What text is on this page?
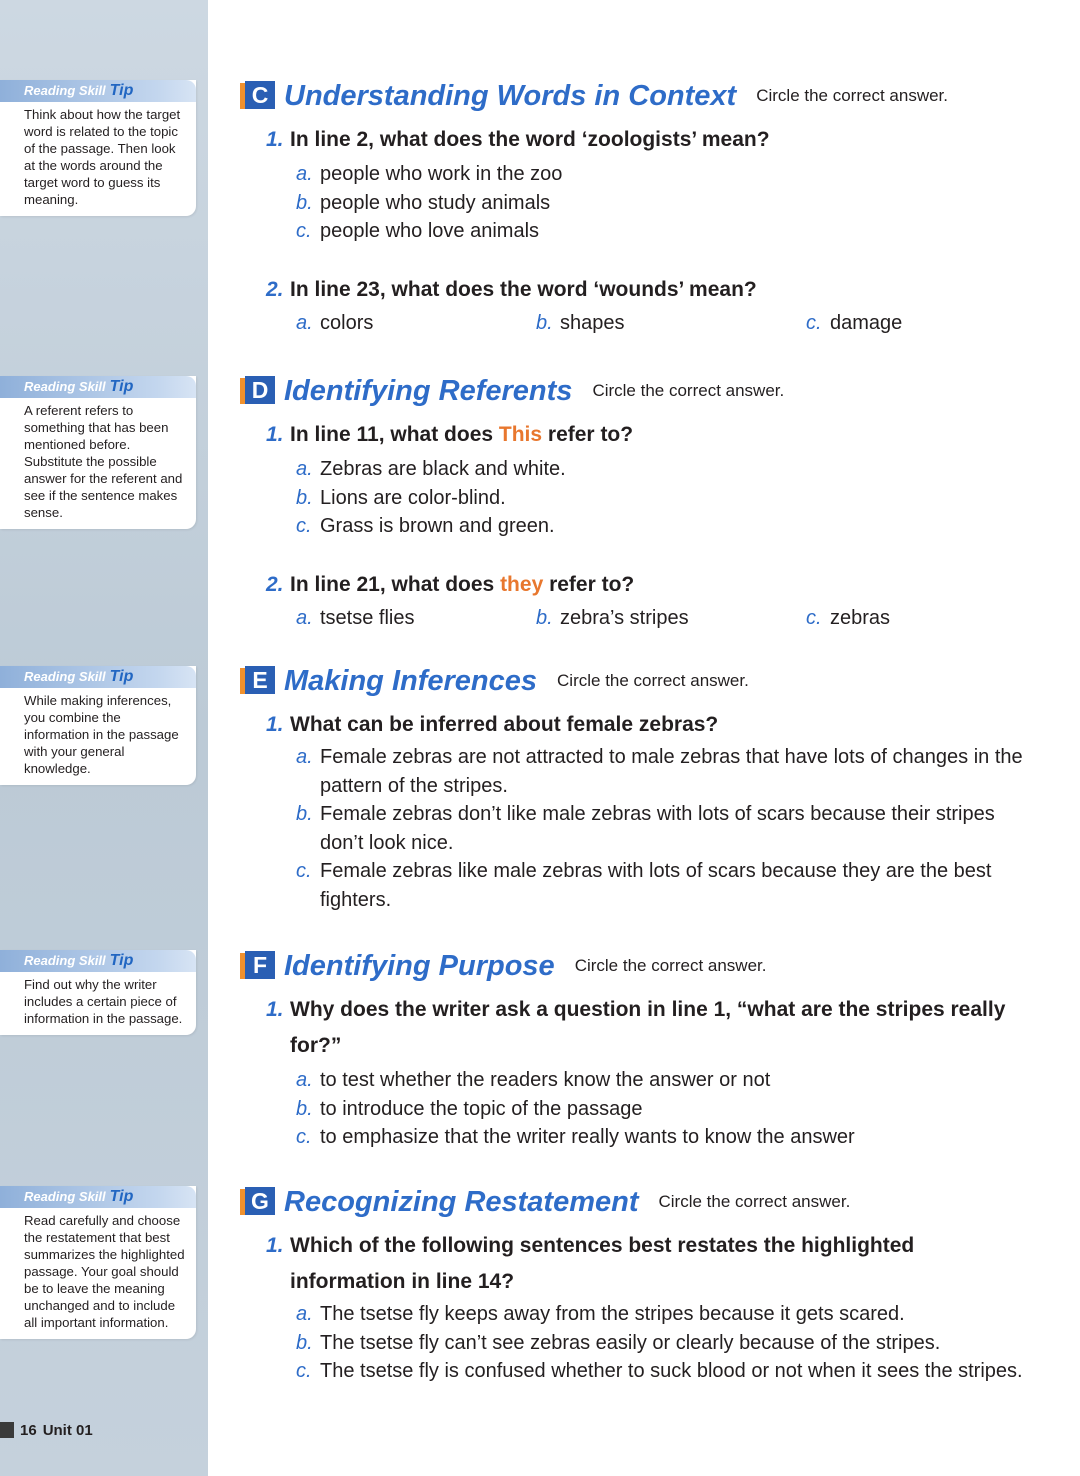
Reading Skill Tip
Think about how the target word is related to the topic of the passage. Then look at the words around the target word to guess its meaning.
Reading Skill Tip
A referent refers to something that has been mentioned before. Substitute the possible answer for the referent and see if the sentence makes sense.
Reading Skill Tip
While making inferences, you combine the information in the passage with your general knowledge.
Reading Skill Tip
Find out why the writer includes a certain piece of information in the passage.
Reading Skill Tip
Read carefully and choose the restatement that best summarizes the highlighted passage. Your goal should be to leave the meaning unchanged and to include all important information.
16 Unit 01
C Understanding Words in Context Circle the correct answer.
1. In line 2, what does the word ‘zoologists’ mean?
a. people who work in the zoo
b. people who study animals
c. people who love animals
2. In line 23, what does the word ‘wounds’ mean?
a. colors	b. shapes	c. damage
D Identifying Referents Circle the correct answer.
1. In line 11, what does This refer to?
a. Zebras are black and white.
b. Lions are color-blind.
c. Grass is brown and green.
2. In line 21, what does they refer to?
a. tsetse flies	b. zebra’s stripes	c. zebras
E Making Inferences Circle the correct answer.
1. What can be inferred about female zebras?
a. Female zebras are not attracted to male zebras that have lots of changes in the pattern of the stripes.
b. Female zebras don’t like male zebras with lots of scars because their stripes don’t look nice.
c. Female zebras like male zebras with lots of scars because they are the best fighters.
F Identifying Purpose Circle the correct answer.
1. Why does the writer ask a question in line 1, “what are the stripes really for?”
a. to test whether the readers know the answer or not
b. to introduce the topic of the passage
c. to emphasize that the writer really wants to know the answer
G Recognizing Restatement Circle the correct answer.
1. Which of the following sentences best restates the highlighted information in line 14?
a. The tsetse fly keeps away from the stripes because it gets scared.
b. The tsetse fly can’t see zebras easily or clearly because of the stripes.
c. The tsetse fly is confused whether to suck blood or not when it sees the stripes.
